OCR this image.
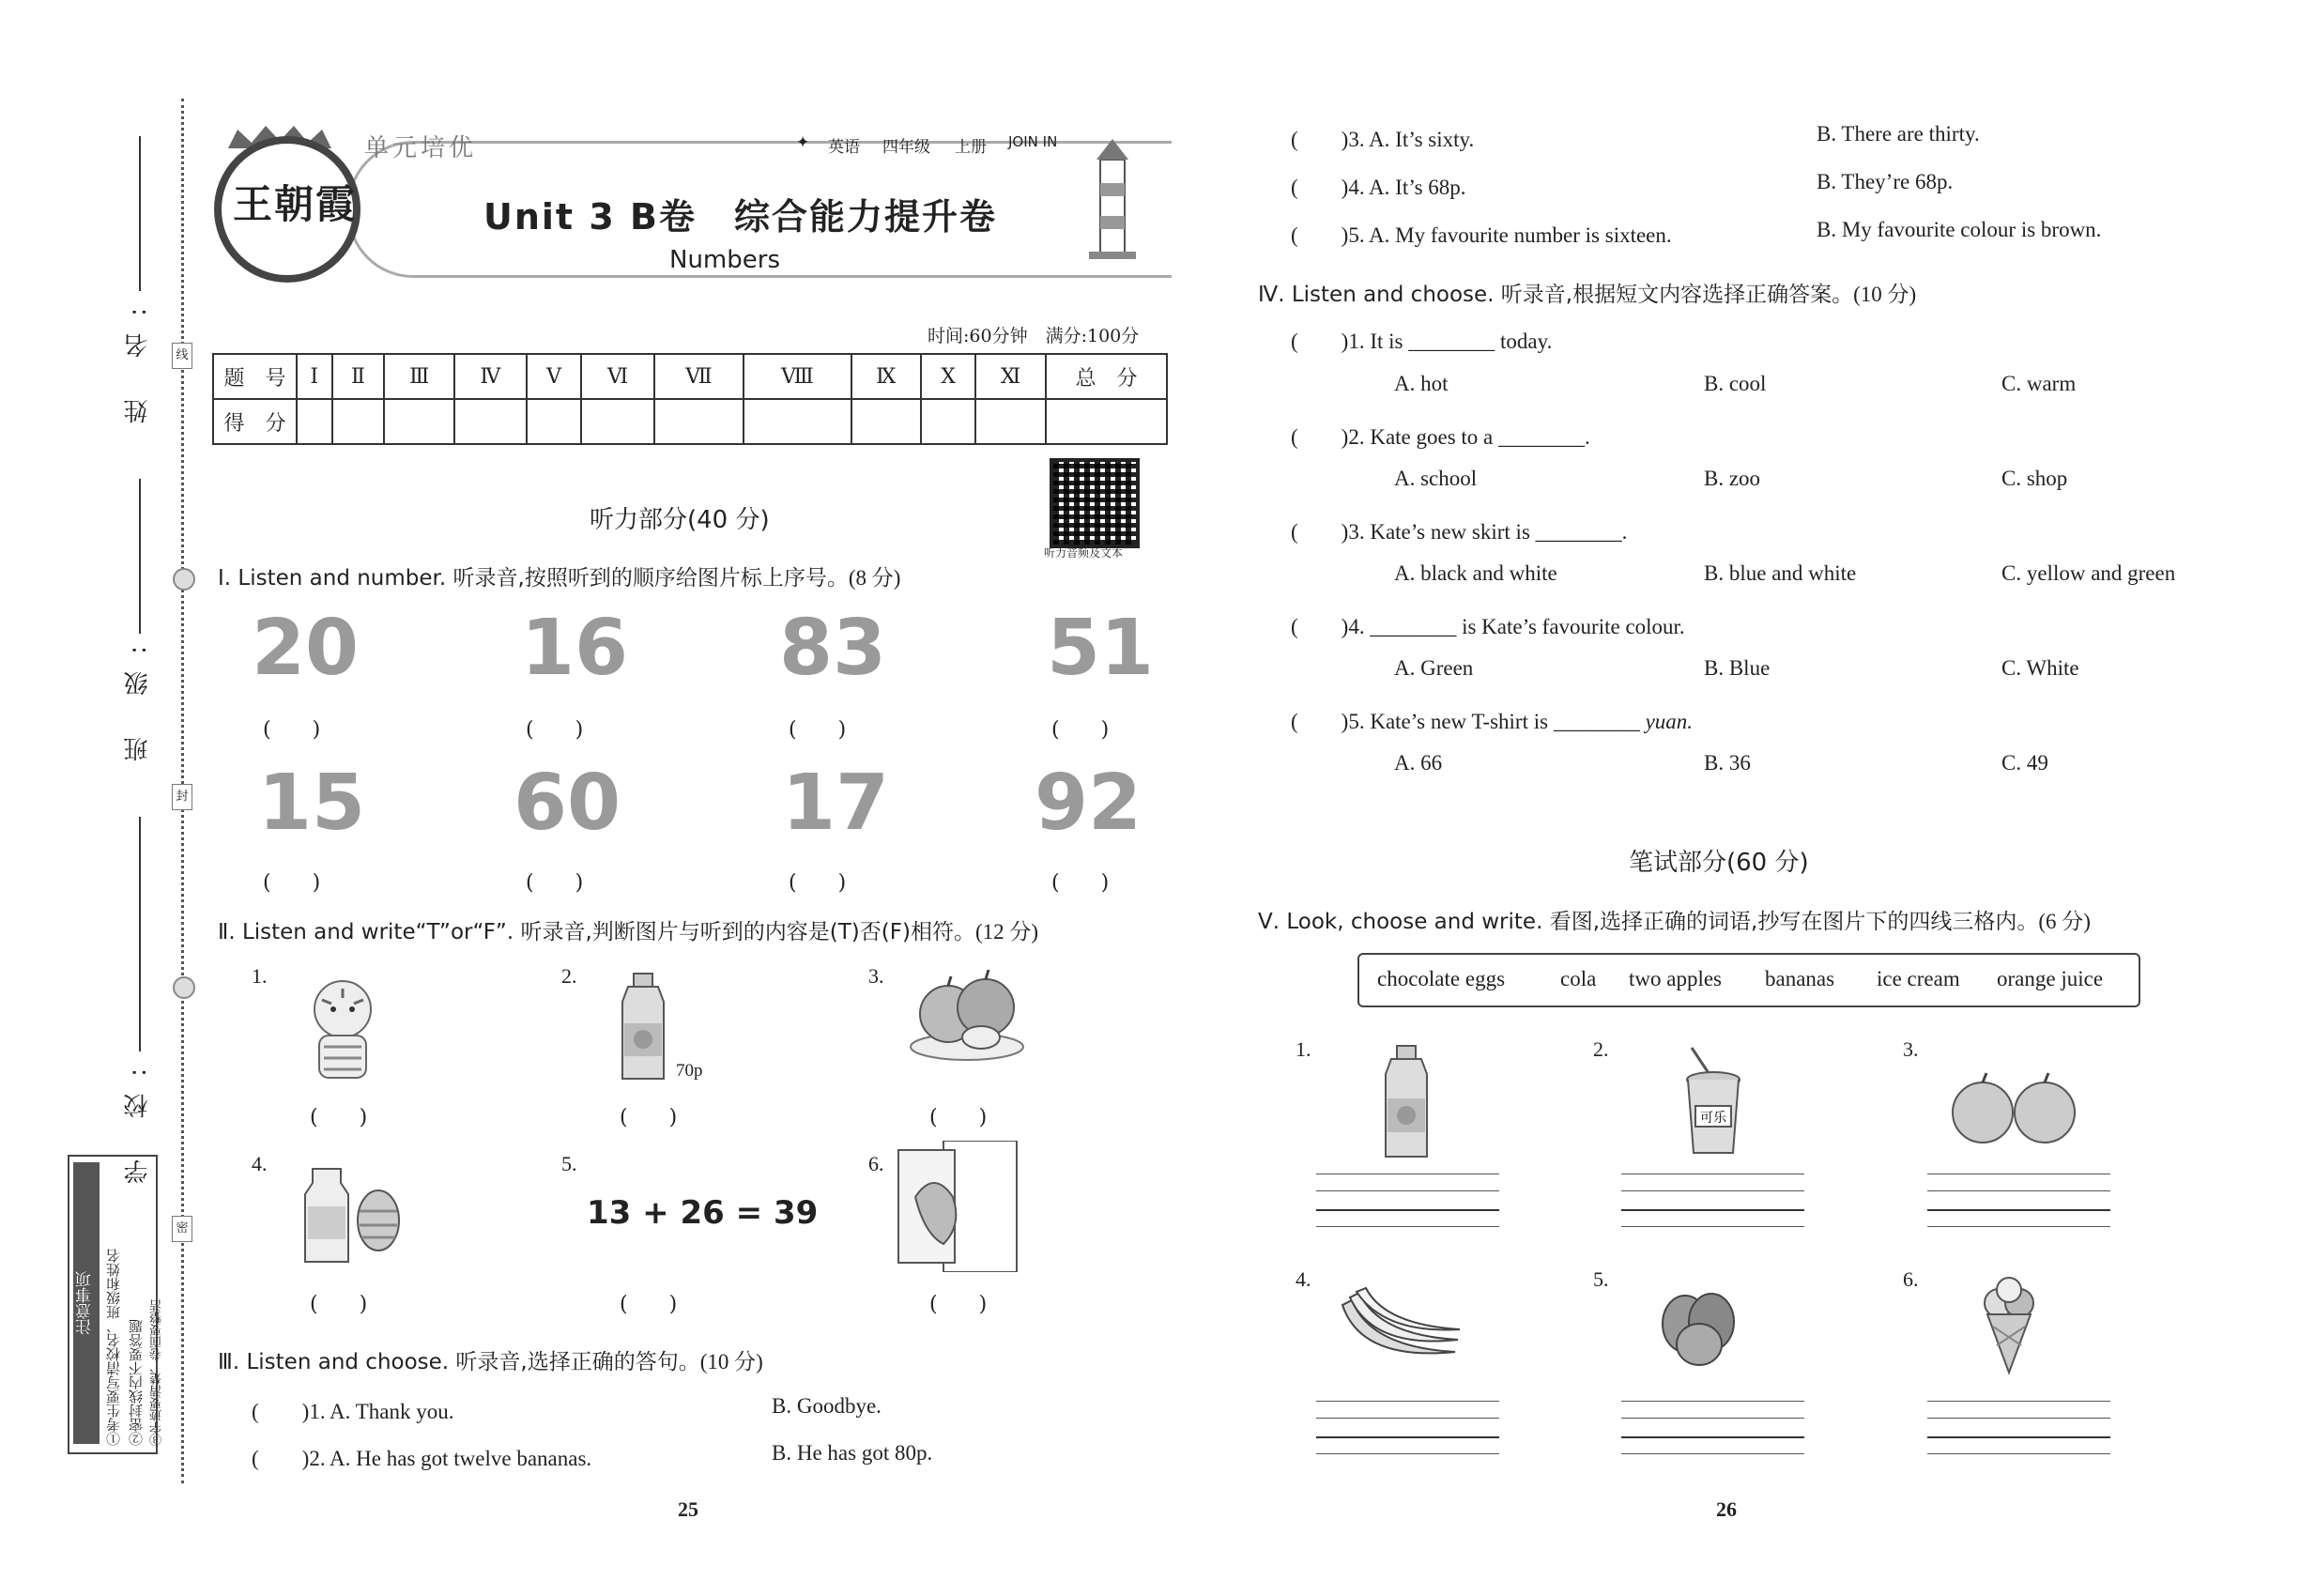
线
封
密
姓 名:
班 级:
学 校:
注意事项 ①考生要写清校名、班级和姓名 ②密封线内不要答题 ③字迹要清楚、卷面要整洁
王朝霞
单元培优	✦ 英语 四年级 上册 JOIN IN
Unit 3 B卷　综合能力提升卷
Numbers
时间:60分钟　满分:100分
题　号	Ⅰ	Ⅱ	Ⅲ	Ⅳ	Ⅴ	Ⅵ	Ⅶ	Ⅷ	Ⅸ	Ⅹ	Ⅺ	总　分
得　分												
听力音频及文本
听力部分(40 分)
Ⅰ. Listen and number. 听录音,按照听到的顺序给图片标上序号。(8 分)
20 16 83 51
15 60 17 92
(　　)	(　　)	(　　)	(　　)
(　　)	(　　)	(　　)	(　　)
Ⅱ. Listen and write“T”or“F”. 听录音,判断图片与听到的内容是(T)否(F)相符。(12 分)
1.	2.	3.
4.	5.	6.
70p
13 + 26 = 39
(　　)	(　　)	(　　)
(　　)	(　　)	(　　)
Ⅲ. Listen and choose. 听录音,选择正确的答句。(10 分)
(　　)1. A. Thank you.	B. Goodbye.
(　　)2. A. He has got twelve bananas.	B. He has got 80p.
25
(　　)3. A. It’s sixty.	B. There are thirty.
(　　)4. A. It’s 68p.	B. They’re 68p.
(　　)5. A. My favourite number is sixteen.	B. My favourite colour is brown.
Ⅳ. Listen and choose. 听录音,根据短文内容选择正确答案。(10 分)
(　　)1. It is ________ today.
A. hot	B. cool	C. warm
(　　)2. Kate goes to a ________.
A. school	B. zoo	C. shop
(　　)3. Kate’s new skirt is ________.
A. black and white	B. blue and white	C. yellow and green
(　　)4. ________ is Kate’s favourite colour.
A. Green	B. Blue	C. White
(　　)5. Kate’s new T-shirt is ________ yuan.
A. 66	B. 36	C. 49
笔试部分(60 分)
Ⅴ. Look, choose and write. 看图,选择正确的词语,抄写在图片下的四线三格内。(6 分)
chocolate eggs	cola two apples bananas ice cream orange juice
1.	2.	3.
4.	5.	6.
可乐
26
